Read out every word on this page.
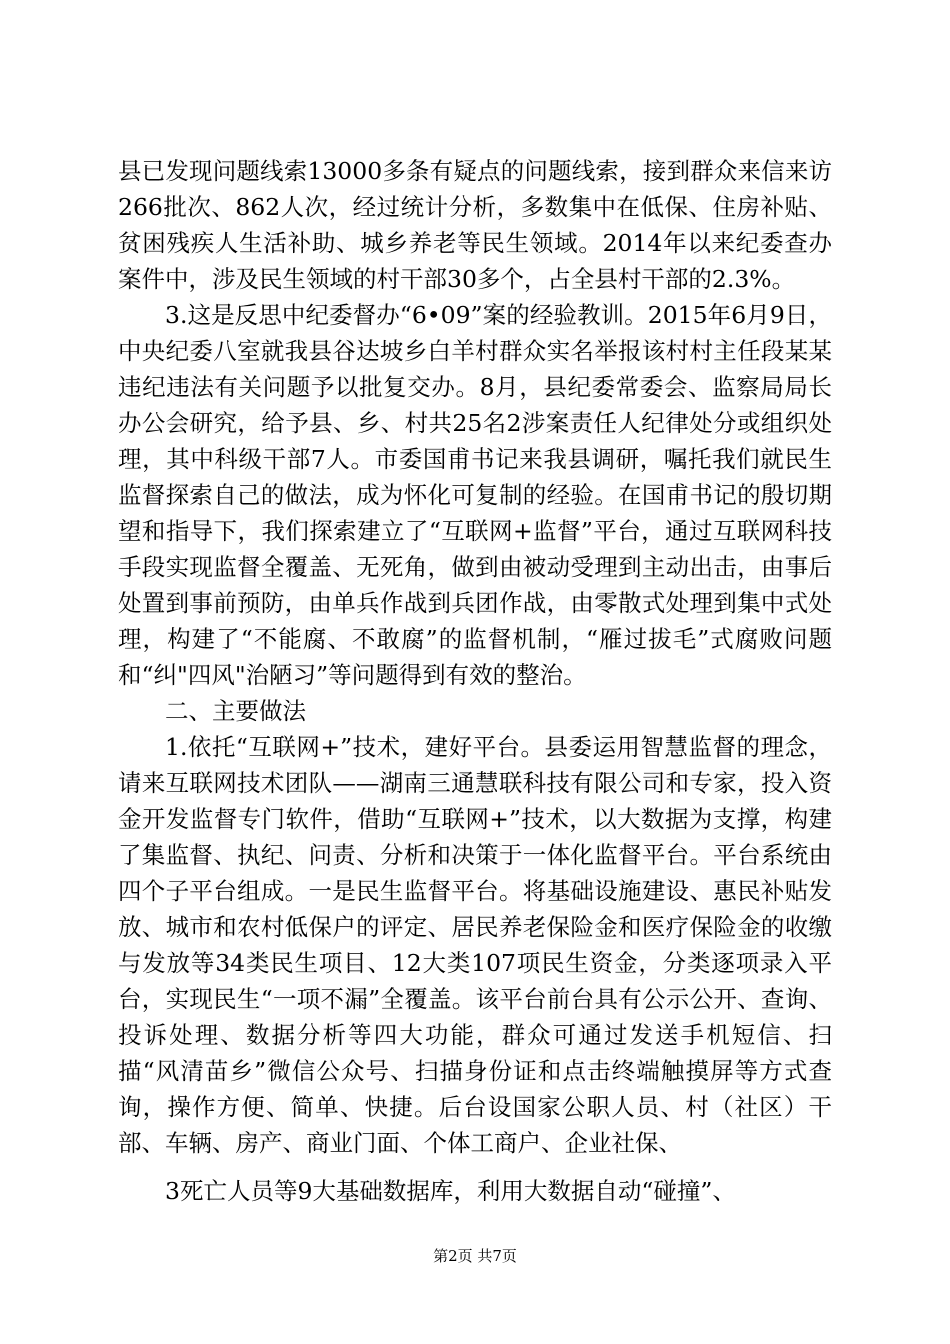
县已发现问题线索13000多条有疑点的问题线索，接到群众来信来访266批次、862人次，经过统计分析，多数集中在低保、住房补贴、贫困残疾人生活补助、城乡养老等民生领域。2014年以来纪委查办案件中，涉及民生领域的村干部30多个，占全县村干部的2.3%。

3.这是反思中纪委督办“6•09”案的经验教训。2015年6月9日，中央纪委八室就我县谷达坡乡白羊村群众实名举报该村村主任段某某违纪违法有关问题予以批复交办。8月，县纪委常委会、监察局局长办公会研究，给予县、乡、村共25名2涉案责任人纪律处分或组织处理，其中科级干部7人。市委国甫书记来我县调研，嘱托我们就民生监督探索自己的做法，成为怀化可复制的经验。在国甫书记的殷切期望和指导下，我们探索建立了“互联网+监督”平台，通过互联网科技手段实现监督全覆盖、无死角，做到由被动受理到主动出击，由事后处置到事前预防，由单兵作战到兵团作战，由零散式处理到集中式处理，构建了“不能腐、不敢腐”的监督机制，“雁过拔毛”式腐败问题和“纠"四风"治陋习”等问题得到有效的整治。

二、主要做法

1.依托“互联网+”技术，建好平台。县委运用智慧监督的理念，请来互联网技术团队——湖南三通慧联科技有限公司和专家，投入资金开发监督专门软件，借助“互联网+”技术，以大数据为支撑，构建了集监督、执纪、问责、分析和决策于一体化监督平台。平台系统由四个子平台组成。一是民生监督平台。将基础设施建设、惠民补贴发放、城市和农村低保户的评定、居民养老保险金和医疗保险金的收缴与发放等34类民生项目、12大类107项民生资金，分类逐项录入平台，实现民生“一项不漏”全覆盖。该平台前台具有公示公开、查询、投诉处理、数据分析等四大功能，群众可通过发送手机短信、扫描“风清苗乡”微信公众号、扫描身份证和点击终端触摸屏等方式查询，操作方便、简单、快捷。后台设国家公职人员、村（社区）干部、车辆、房产、商业门面、个体工商户、企业社保、

3死亡人员等9大基础数据库，利用大数据自动“碰撞”、

第2页 共7页
